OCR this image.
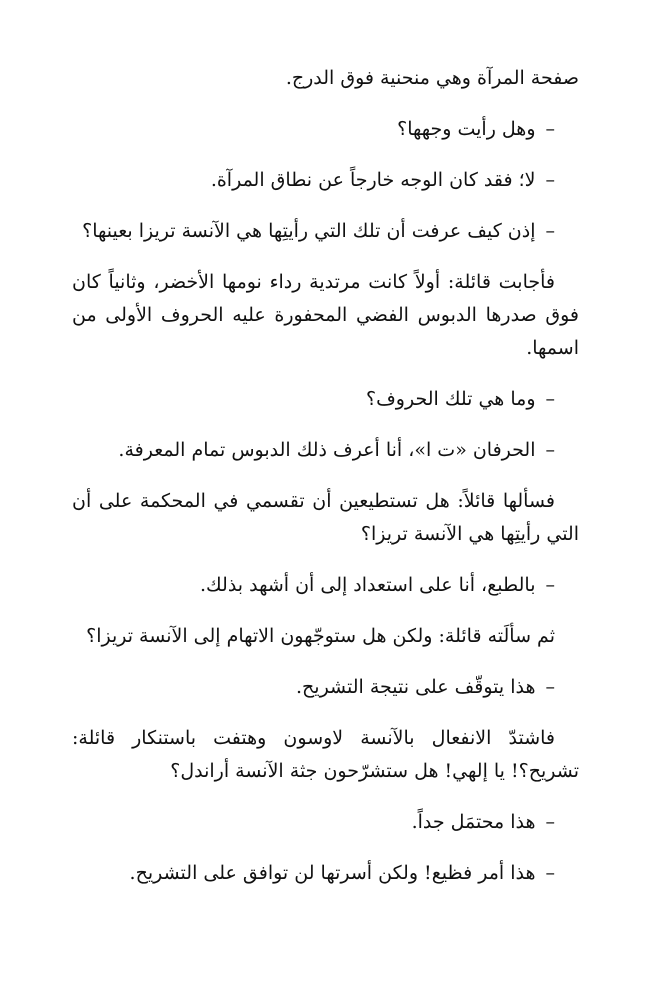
صفحة المرآة وهي منحنية فوق الدرج.

–وهل رأيت وجهها؟

–لا؛ فقد كان الوجه خارجاً عن نطاق المرآة.

–إذن كيف عرفت أن تلك التي رأيتِها هي الآنسة تريزا بعينها؟

فأجابت قائلة: أولاً كانت مرتدية رداء نومها الأخضر، وثانياً كان فوق صدرها الدبوس الفضي المحفورة عليه الحروف الأولى من اسمها.

–وما هي تلك الحروف؟

–الحرفان «ت ا»، أنا أعرف ذلك الدبوس تمام المعرفة.

فسألها قائلاً: هل تستطيعين أن تقسمي في المحكمة على أن التي رأيتِها هي الآنسة تريزا؟

–بالطبع، أنا على استعداد إلى أن أشهد بذلك.

ثم سألَته قائلة: ولكن هل ستوجّهون الاتهام إلى الآنسة تريزا؟

–هذا يتوقّف على نتيجة التشريح.

فاشتدّ الانفعال بالآنسة لاوسون وهتفت باستنكار قائلة: تشريح؟! يا إلهي! هل ستشرّحون جثة الآنسة أراندل؟

–هذا محتمَل جداً.

–هذا أمر فظيع! ولكن أسرتها لن توافق على التشريح.
